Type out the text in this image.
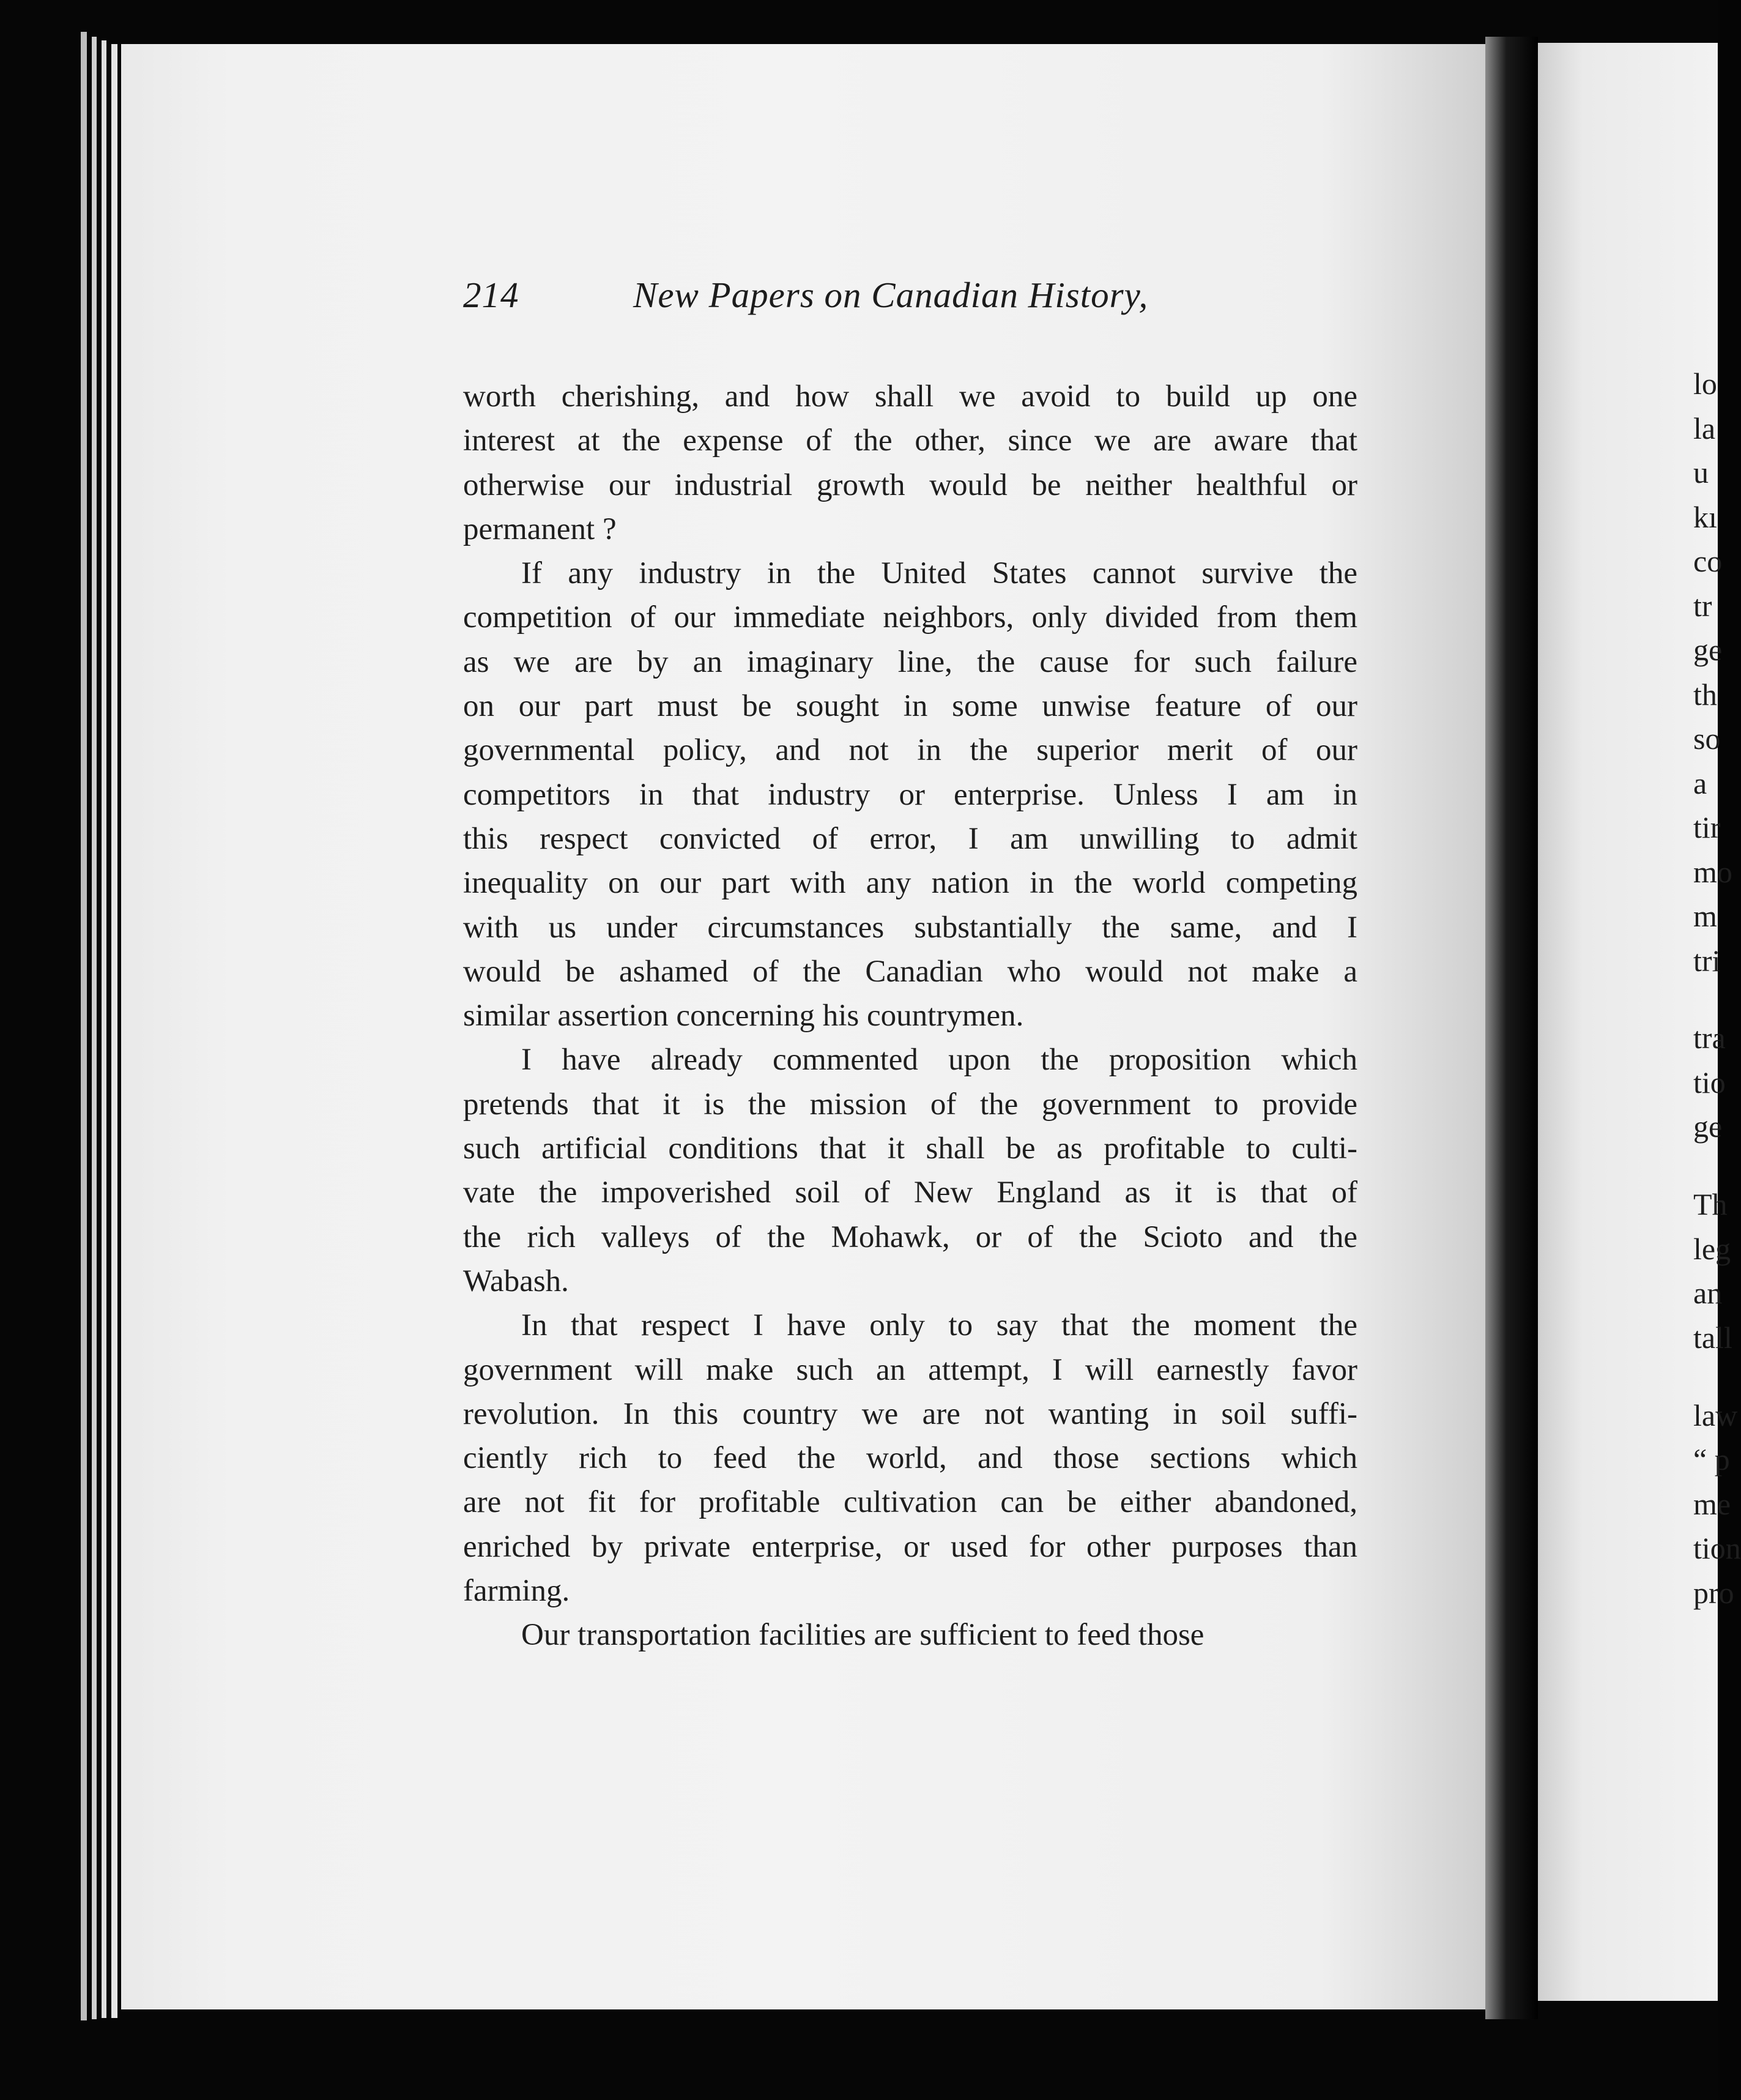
214	New Papers on Canadian History,
worth cherishing, and how shall we avoid to build up one
interest at the expense of the other, since we are aware that
otherwise our industrial growth would be neither healthful or
permanent ?
If any industry in the United States cannot survive the
competition of our immediate neighbors, only divided from them
as we are by an imaginary line, the cause for such failure
on our part must be sought in some unwise feature of our
governmental policy, and not in the superior merit of our
competitors in that industry or enterprise. Unless I am in
this respect convicted of error, I am unwilling to admit
inequality on our part with any nation in the world competing
with us under circumstances substantially the same, and I
would be ashamed of the Canadian who would not make a
similar assertion concerning his countrymen.
I have already commented upon the proposition which
pretends that it is the mission of the government to provide
such artificial conditions that it shall be as profitable to culti-
vate the impoverished soil of New England as it is that of
the rich valleys of the Mohawk, or of the Scioto and the
Wabash.
In that respect I have only to say that the moment the
government will make such an attempt, I will earnestly favor
revolution. In this country we are not wanting in soil suffi-
ciently rich to feed the world, and those sections which
are not fit for profitable cultivation can be either abandoned,
enriched by private enterprise, or used for other purposes than
farming.
Our transportation facilities are sufficient to feed those
lo
la
u
kı
co
tr
ge
th
so
a
tir
mo
m
tri
tra
tio
ge
Th
leg
an
tall
law
“ p
me
tion
pro
